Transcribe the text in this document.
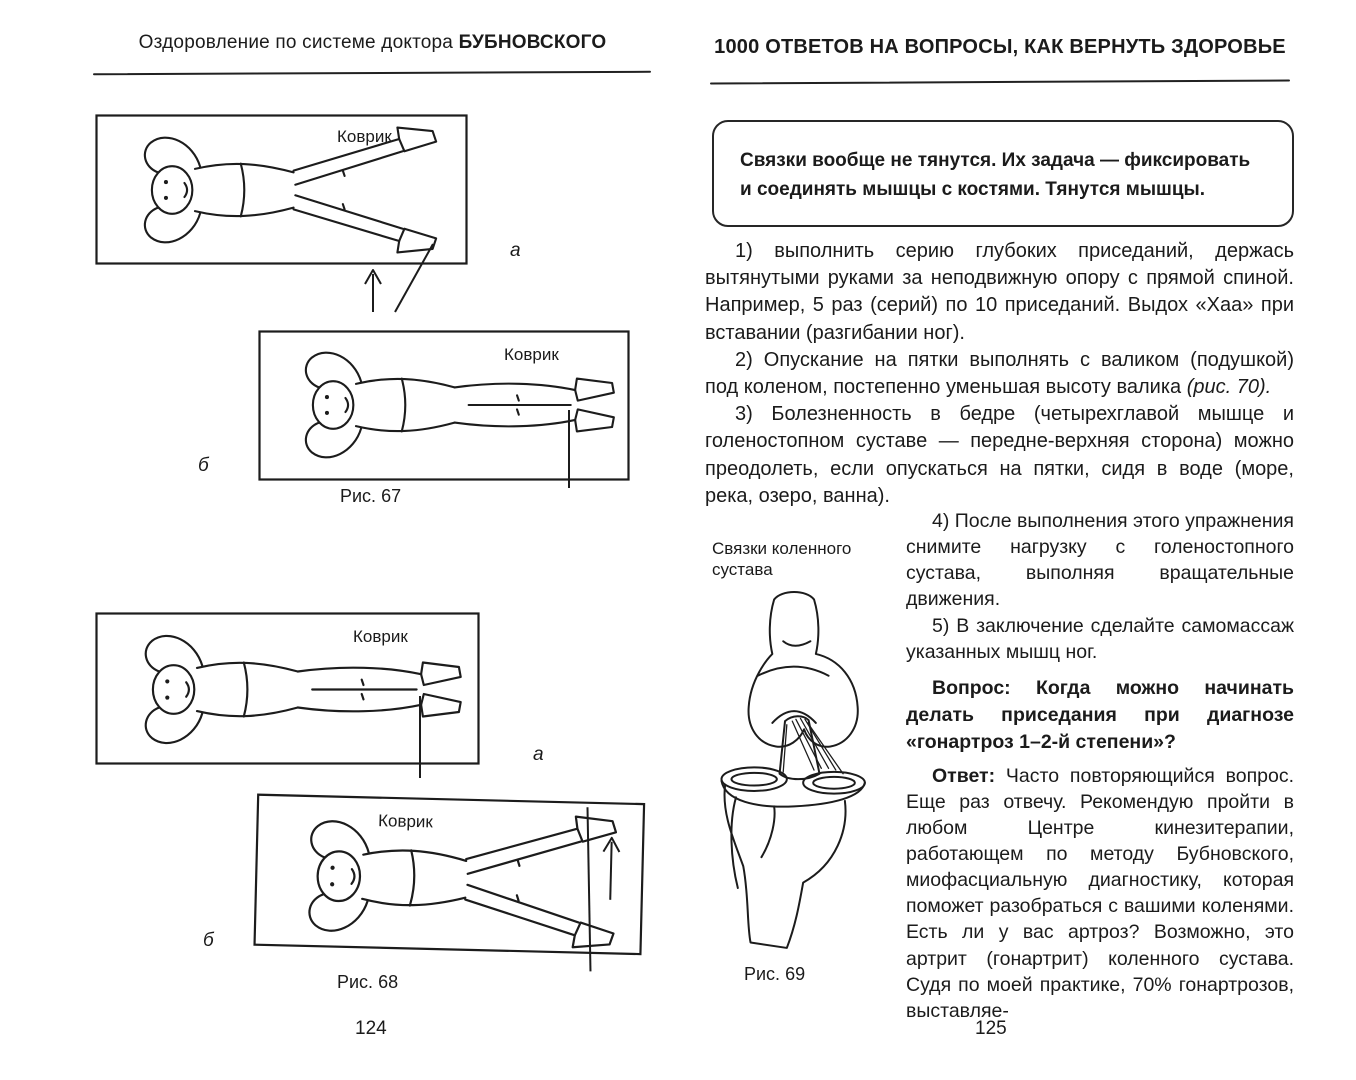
Оздоровление по системе доктора БУБНОВСКОГО
Коврик
а
Коврик
б
Рис. 67
Коврик
а
Коврик
б
Рис. 68
124
1000 ОТВЕТОВ НА ВОПРОСЫ, КАК ВЕРНУТЬ ЗДОРОВЬЕ
Связки вообще не тянутся. Их задача — фиксировать и соединять мышцы с костями. Тянутся мышцы.

1) выполнить серию глубоких приседаний, держась вытянутыми руками за неподвижную опору с прямой спиной. Например, 5 раз (серий) по 10 приседаний. Выдох «Хаа» при вставании (разгибании ног).

2) Опускание на пятки выполнять с валиком (подушкой) под коленом, постепенно уменьшая высоту валика (рис. 70).

3) Болезненность в бедре (четырехглавой мышце и голеностопном суставе — передне-верхняя сторона) можно преодолеть, если опускаться на пятки, сидя в воде (море, река, озеро, ванна).

Связки коленного сустава
Рис. 69

4) После выполнения этого упражнения снимите нагрузку с голеностопного сустава, выполняя вращательные движения.

5) В заключение сделайте самомассаж указанных мышц ног.

Вопрос: Когда можно начинать делать приседания при диагнозе «гонартроз 1–2-й степени»?

Ответ: Часто повторяющийся вопрос. Еще раз отвечу. Рекомендую пройти в любом Центре кинезитерапии, работающем по методу Бубновского, миофасциальную диагностику, которая поможет разобраться с вашими коленями. Есть ли у вас артроз? Возможно, это артрит (гонартрит) коленного сустава. Судя по моей практике, 70% гонартрозов, выставляе-

125
